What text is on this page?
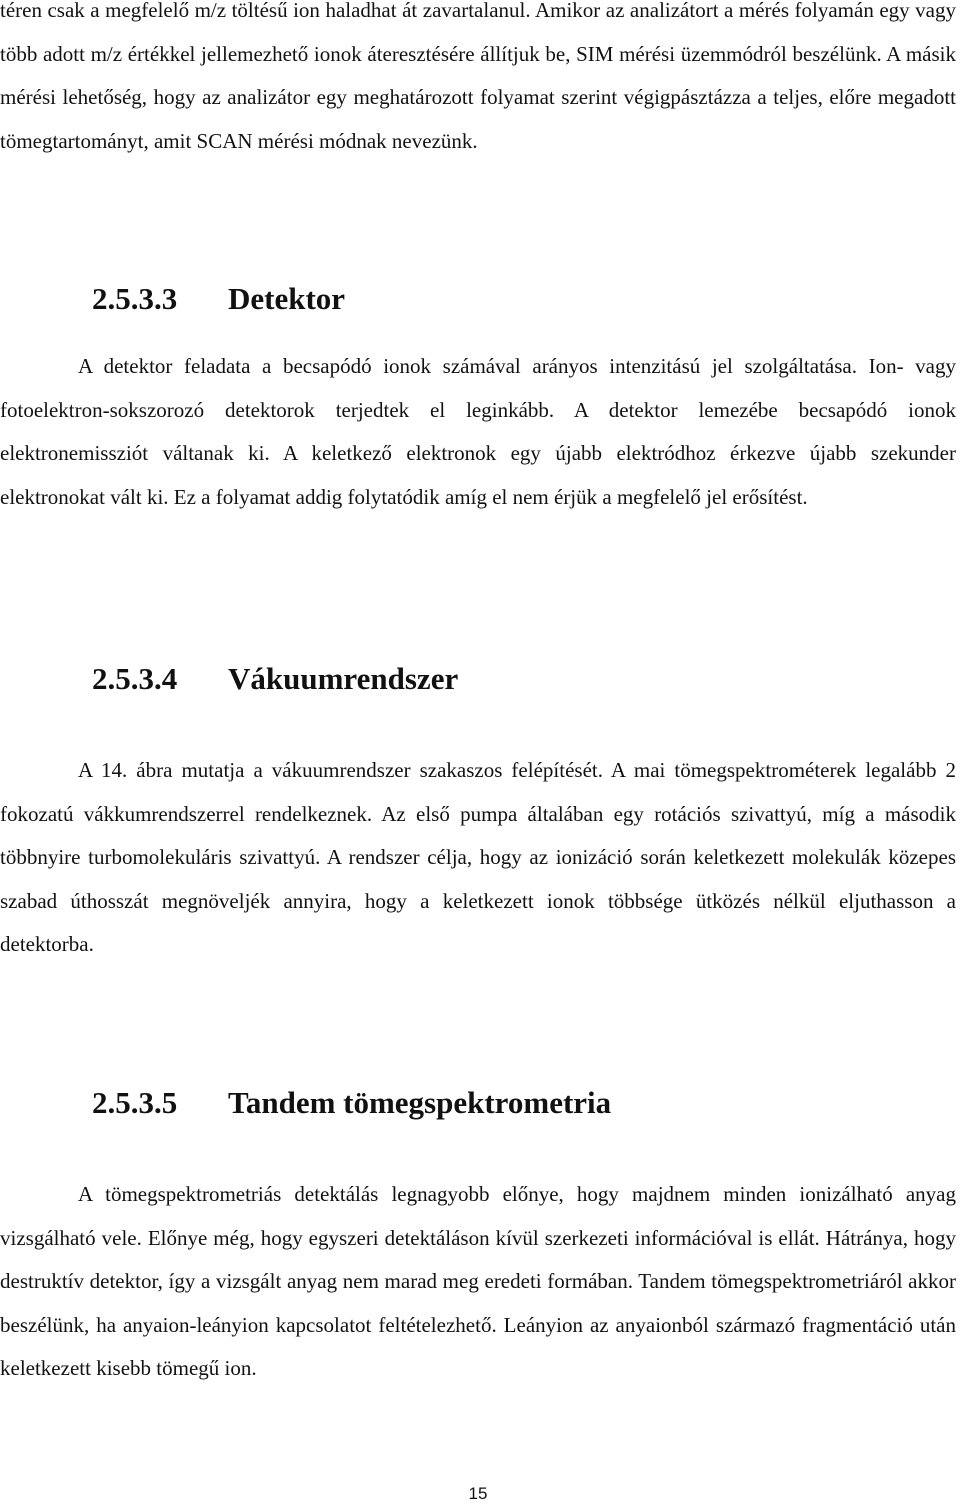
téren csak a megfelelő m/z töltésű ion haladhat át zavartalanul. Amikor az analizátort a mérés folyamán egy vagy több adott m/z értékkel jellemezhető ionok áteresztésére állítjuk be, SIM mérési üzemmódról beszélünk. A másik mérési lehetőség, hogy az analizátor egy meghatározott folyamat szerint végigpásztázza a teljes, előre megadott tömegtartományt, amit SCAN mérési módnak nevezünk.

2.5.3.3 Detektor

A detektor feladata a becsapódó ionok számával arányos intenzitású jel szolgáltatása. Ion- vagy fotoelektron-sokszorozó detektorok terjedtek el leginkább. A detektor lemezébe becsapódó ionok elektronemissziót váltanak ki. A keletkező elektronok egy újabb elektródhoz érkezve újabb szekunder elektronokat vált ki. Ez a folyamat addig folytatódik amíg el nem érjük a megfelelő jel erősítést.

2.5.3.4 Vákuumrendszer

A 14. ábra mutatja a vákuumrendszer szakaszos felépítését. A mai tömegspektrométerek legalább 2 fokozatú vákkumrendszerrel rendelkeznek. Az első pumpa általában egy rotációs szivattyú, míg a második többnyire turbomolekuláris szivattyú. A rendszer célja, hogy az ionizáció során keletkezett molekulák közepes szabad úthosszát megnöveljék annyira, hogy a keletkezett ionok többsége ütközés nélkül eljuthasson a detektorba.

2.5.3.5 Tandem tömegspektrometria

A tömegspektrometriás detektálás legnagyobb előnye, hogy majdnem minden ionizálható anyag vizsgálható vele. Előnye még, hogy egyszeri detektáláson kívül szerkezeti információval is ellát. Hátránya, hogy destruktív detektor, így a vizsgált anyag nem marad meg eredeti formában. Tandem tömegspektrometriáról akkor beszélünk, ha anyaion-leányion kapcsolatot feltételezhető. Leányion az anyaionból származó fragmentáció után keletkezett kisebb tömegű ion.

15
